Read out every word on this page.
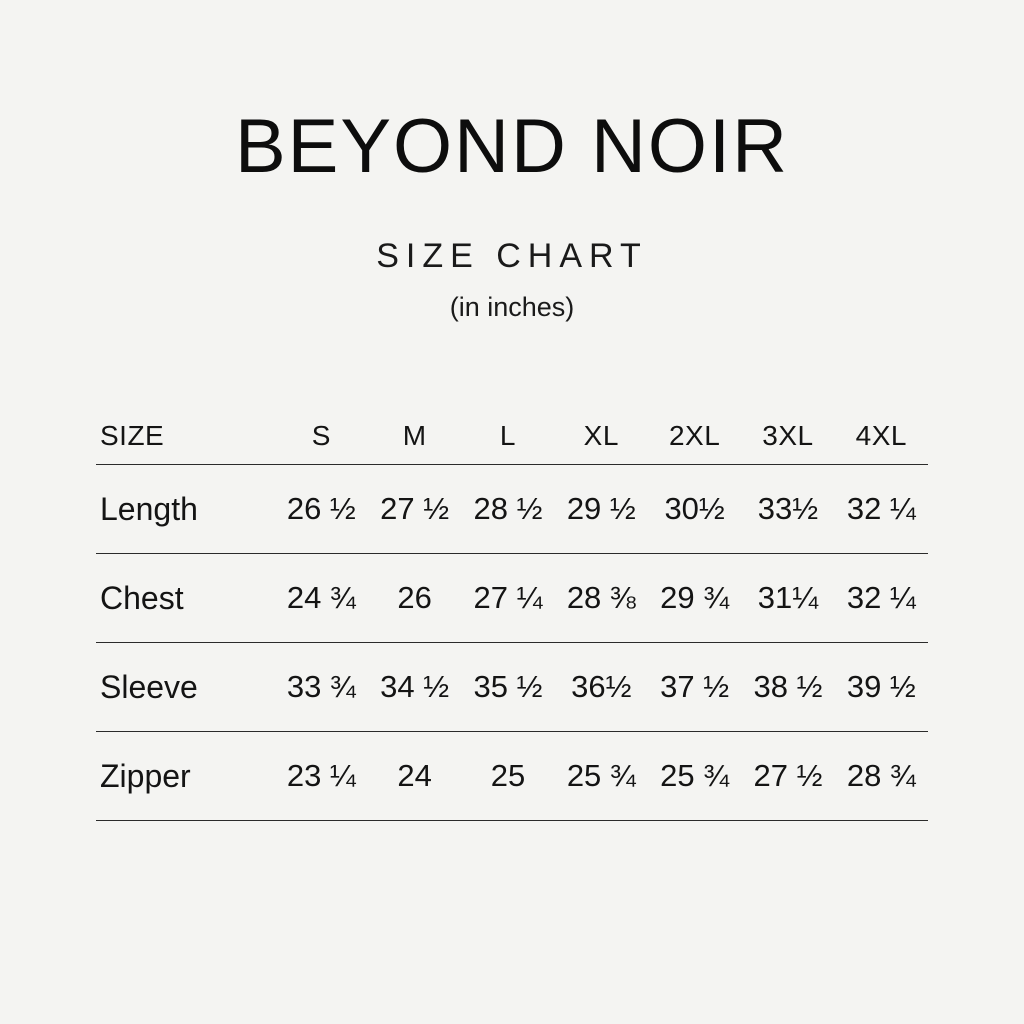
BEYOND NOIR
SIZE CHART
(in inches)
SIZE	S	M	L	XL	2XL	3XL	4XL
Length	26 ½	27 ½	28 ½	29 ½	30½	33½	32 ¼
Chest	24 ¾	26	27 ¼	28 ⅜	29 ¾	31¼	32 ¼
Sleeve	33 ¾	34 ½	35 ½	36½	37 ½	38 ½	39 ½
Zipper	23 ¼	24	25	25 ¾	25 ¾	27 ½	28 ¾
